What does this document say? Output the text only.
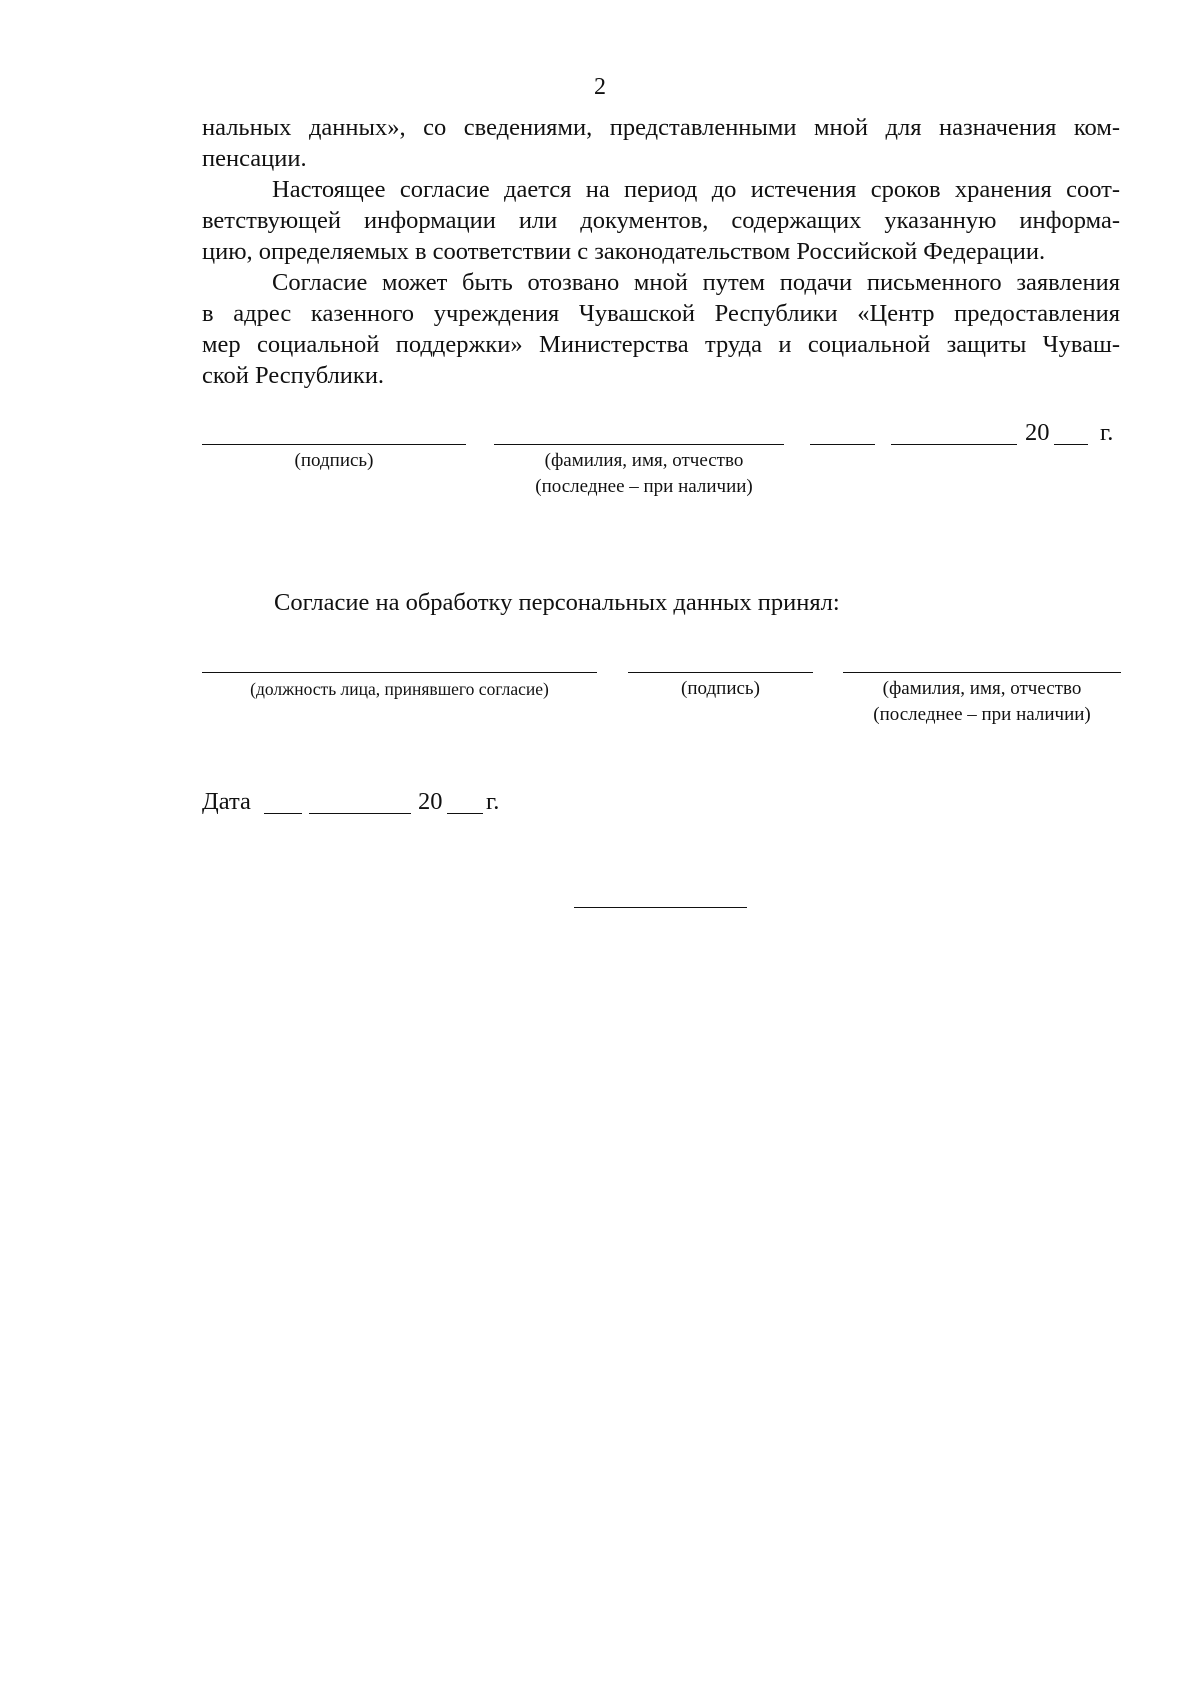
2
нальных данных», со сведениями, представленными мной для назначения ком-
пенсации.
Настоящее согласие дается на период до истечения сроков хранения соот-
ветствующей информации или документов, содержащих указанную информа-
цию, определяемых в соответствии с законодательством Российской Федерации.
Согласие может быть отозвано мной путем подачи письменного заявления
в адрес казенного учреждения Чувашской Республики «Центр предоставления
мер социальной поддержки» Министерства труда и социальной защиты Чуваш-
ской Республики.
20 г.
(подпись)	(фамилия, имя, отчество
(последнее – при наличии)
Согласие на обработку персональных данных принял:
(должность лица, принявшего согласие)	(подпись)	(фамилия, имя, отчество
(последнее – при наличии)
Дата	20 г.
